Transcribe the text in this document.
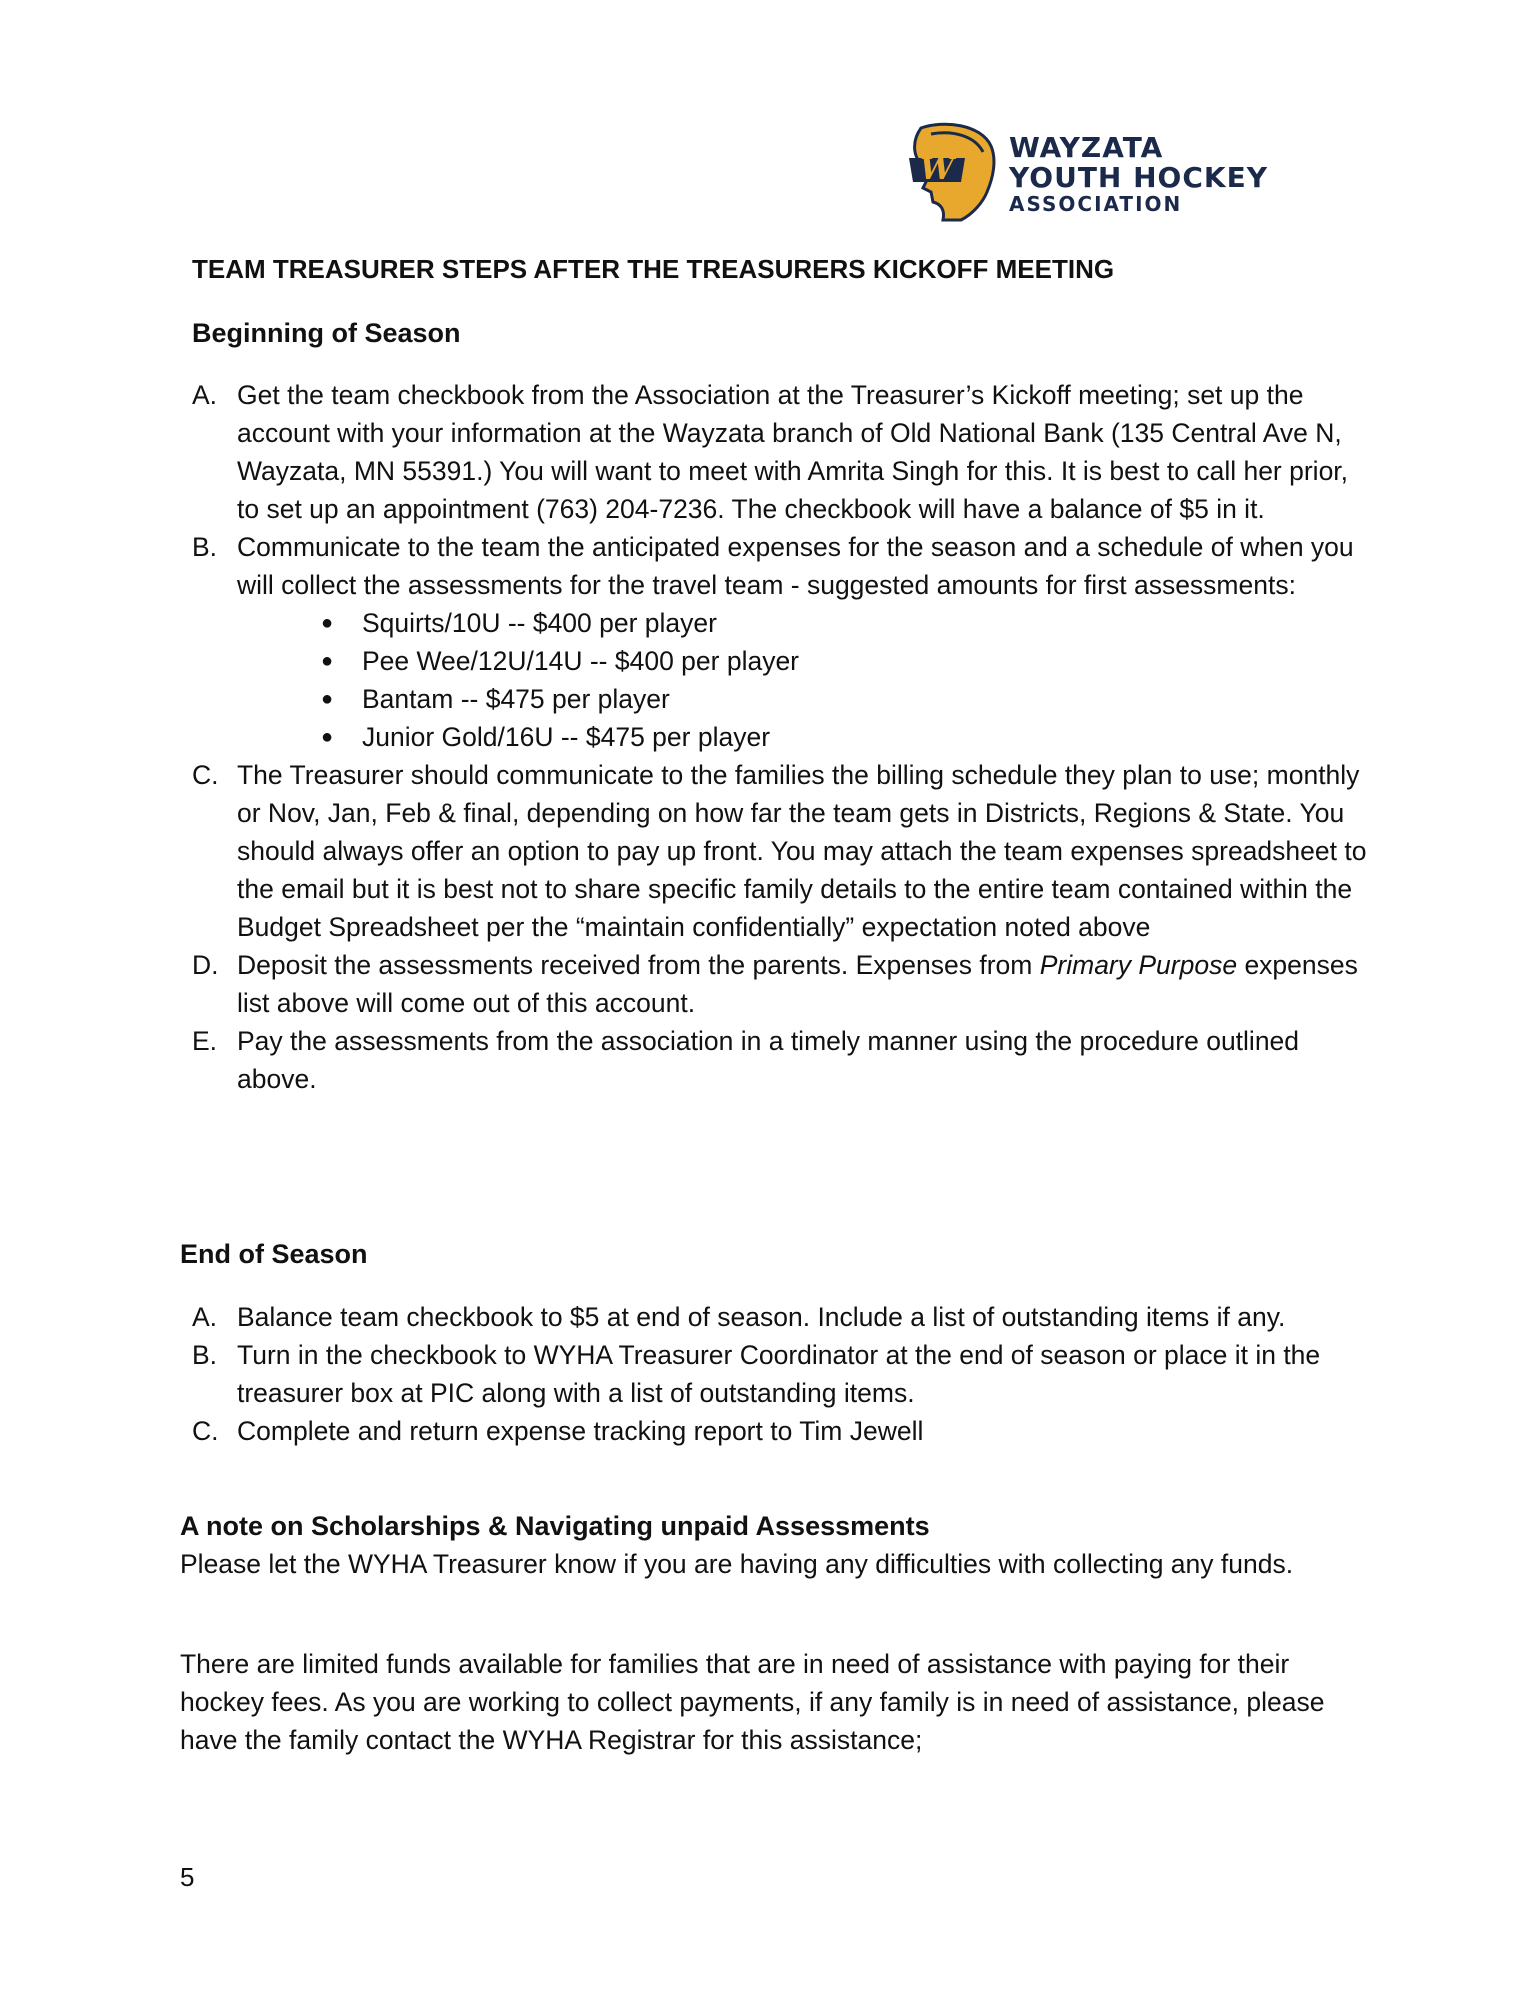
W
WAYZATA
YOUTH HOCKEY
ASSOCIATION
TEAM TREASURER STEPS AFTER THE TREASURERS KICKOFF MEETING
Beginning of Season
A. Get the team checkbook from the Association at the Treasurer’s Kickoff meeting; set up the account with your information at the Wayzata branch of Old National Bank (135 Central Ave N, Wayzata, MN 55391.) You will want to meet with Amrita Singh for this. It is best to call her prior, to set up an appointment (763) 204-7236. The checkbook will have a balance of $5 in it.
B. Communicate to the team the anticipated expenses for the season and a schedule of when you will collect the assessments for the travel team - suggested amounts for first assessments:
● Squirts/10U -- $400 per player
● Pee Wee/12U/14U -- $400 per player
● Bantam -- $475 per player
● Junior Gold/16U -- $475 per player
C. The Treasurer should communicate to the families the billing schedule they plan to use; monthly or Nov, Jan, Feb & final, depending on how far the team gets in Districts, Regions & State. You should always offer an option to pay up front. You may attach the team expenses spreadsheet to the email but it is best not to share specific family details to the entire team contained within the Budget Spreadsheet per the “maintain confidentially” expectation noted above
D. Deposit the assessments received from the parents. Expenses from Primary Purpose expenses list above will come out of this account.
E. Pay the assessments from the association in a timely manner using the procedure outlined above.
End of Season
A. Balance team checkbook to $5 at end of season. Include a list of outstanding items if any.
B. Turn in the checkbook to WYHA Treasurer Coordinator at the end of season or place it in the treasurer box at PIC along with a list of outstanding items.
C. Complete and return expense tracking report to Tim Jewell
A note on Scholarships & Navigating unpaid Assessments
Please let the WYHA Treasurer know if you are having any difficulties with collecting any funds.
There are limited funds available for families that are in need of assistance with paying for their hockey fees. As you are working to collect payments, if any family is in need of assistance, please have the family contact the WYHA Registrar for this assistance;
5
